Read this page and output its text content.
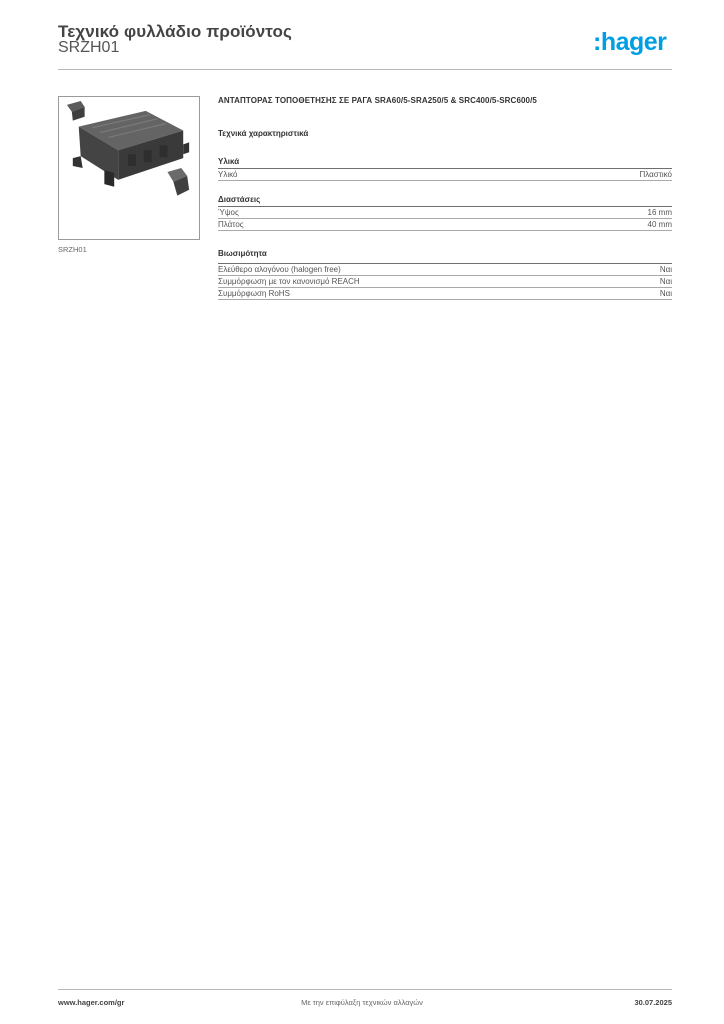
Τεχνικό φυλλάδιο προϊόντος
SRZH01	:hager
SRZH01
ΑΝΤΑΠΤΟΡΑΣ ΤΟΠΟΘΕΤΗΣΗΣ ΣΕ ΡΑΓΑ SRA60/5-SRA250/5 & SRC400/5-SRC600/5
Τεχνικά χαρακτηριστικά
Υλικά
Υλικό	Πλαστικό
Διαστάσεις
Ύψος	16 mm
Πλάτος	40 mm
Βιωσιμότητα
Ελεύθερο αλογόνου (halogen free)	Ναι
Συμμόρφωση με τον κανονισμό REACH	Ναι
Συμμόρφωση RoHS	Ναι
www.hager.com/gr	Με την επιφύλαξη τεχνικών αλλαγών	30.07.2025
